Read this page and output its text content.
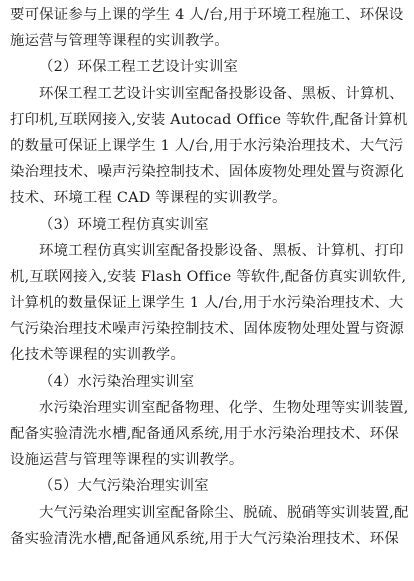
要可保证参与上课的学生 4 人/台,用于环境工程施工、环保设
施运营与管理等课程的实训教学。
（2）环保工程工艺设计实训室
环保工程工艺设计实训室配备投影设备、黑板、计算机、
打印机,互联网接入,安装 Autocad Office 等软件,配备计算机
的数量可保证上课学生 1 人/台,用于水污染治理技术、大气污
染治理技术、噪声污染控制技术、固体废物处理处置与资源化
技术、环境工程 CAD 等课程的实训教学。
（3）环境工程仿真实训室
环境工程仿真实训室配备投影设备、黑板、计算机、打印
机,互联网接入,安装 Flash Office 等软件,配备仿真实训软件,
计算机的数量保证上课学生 1 人/台,用于水污染治理技术、大
气污染治理技术噪声污染控制技术、固体废物处理处置与资源
化技术等课程的实训教学。
（4）水污染治理实训室
水污染治理实训室配备物理、化学、生物处理等实训装置,
配备实验清洗水槽,配备通风系统,用于水污染治理技术、环保
设施运营与管理等课程的实训教学。
（5）大气污染治理实训室
大气污染治理实训室配备除尘、脱硫、脱硝等实训装置,配
备实验清洗水槽,配备通风系统,用于大气污染治理技术、环保
